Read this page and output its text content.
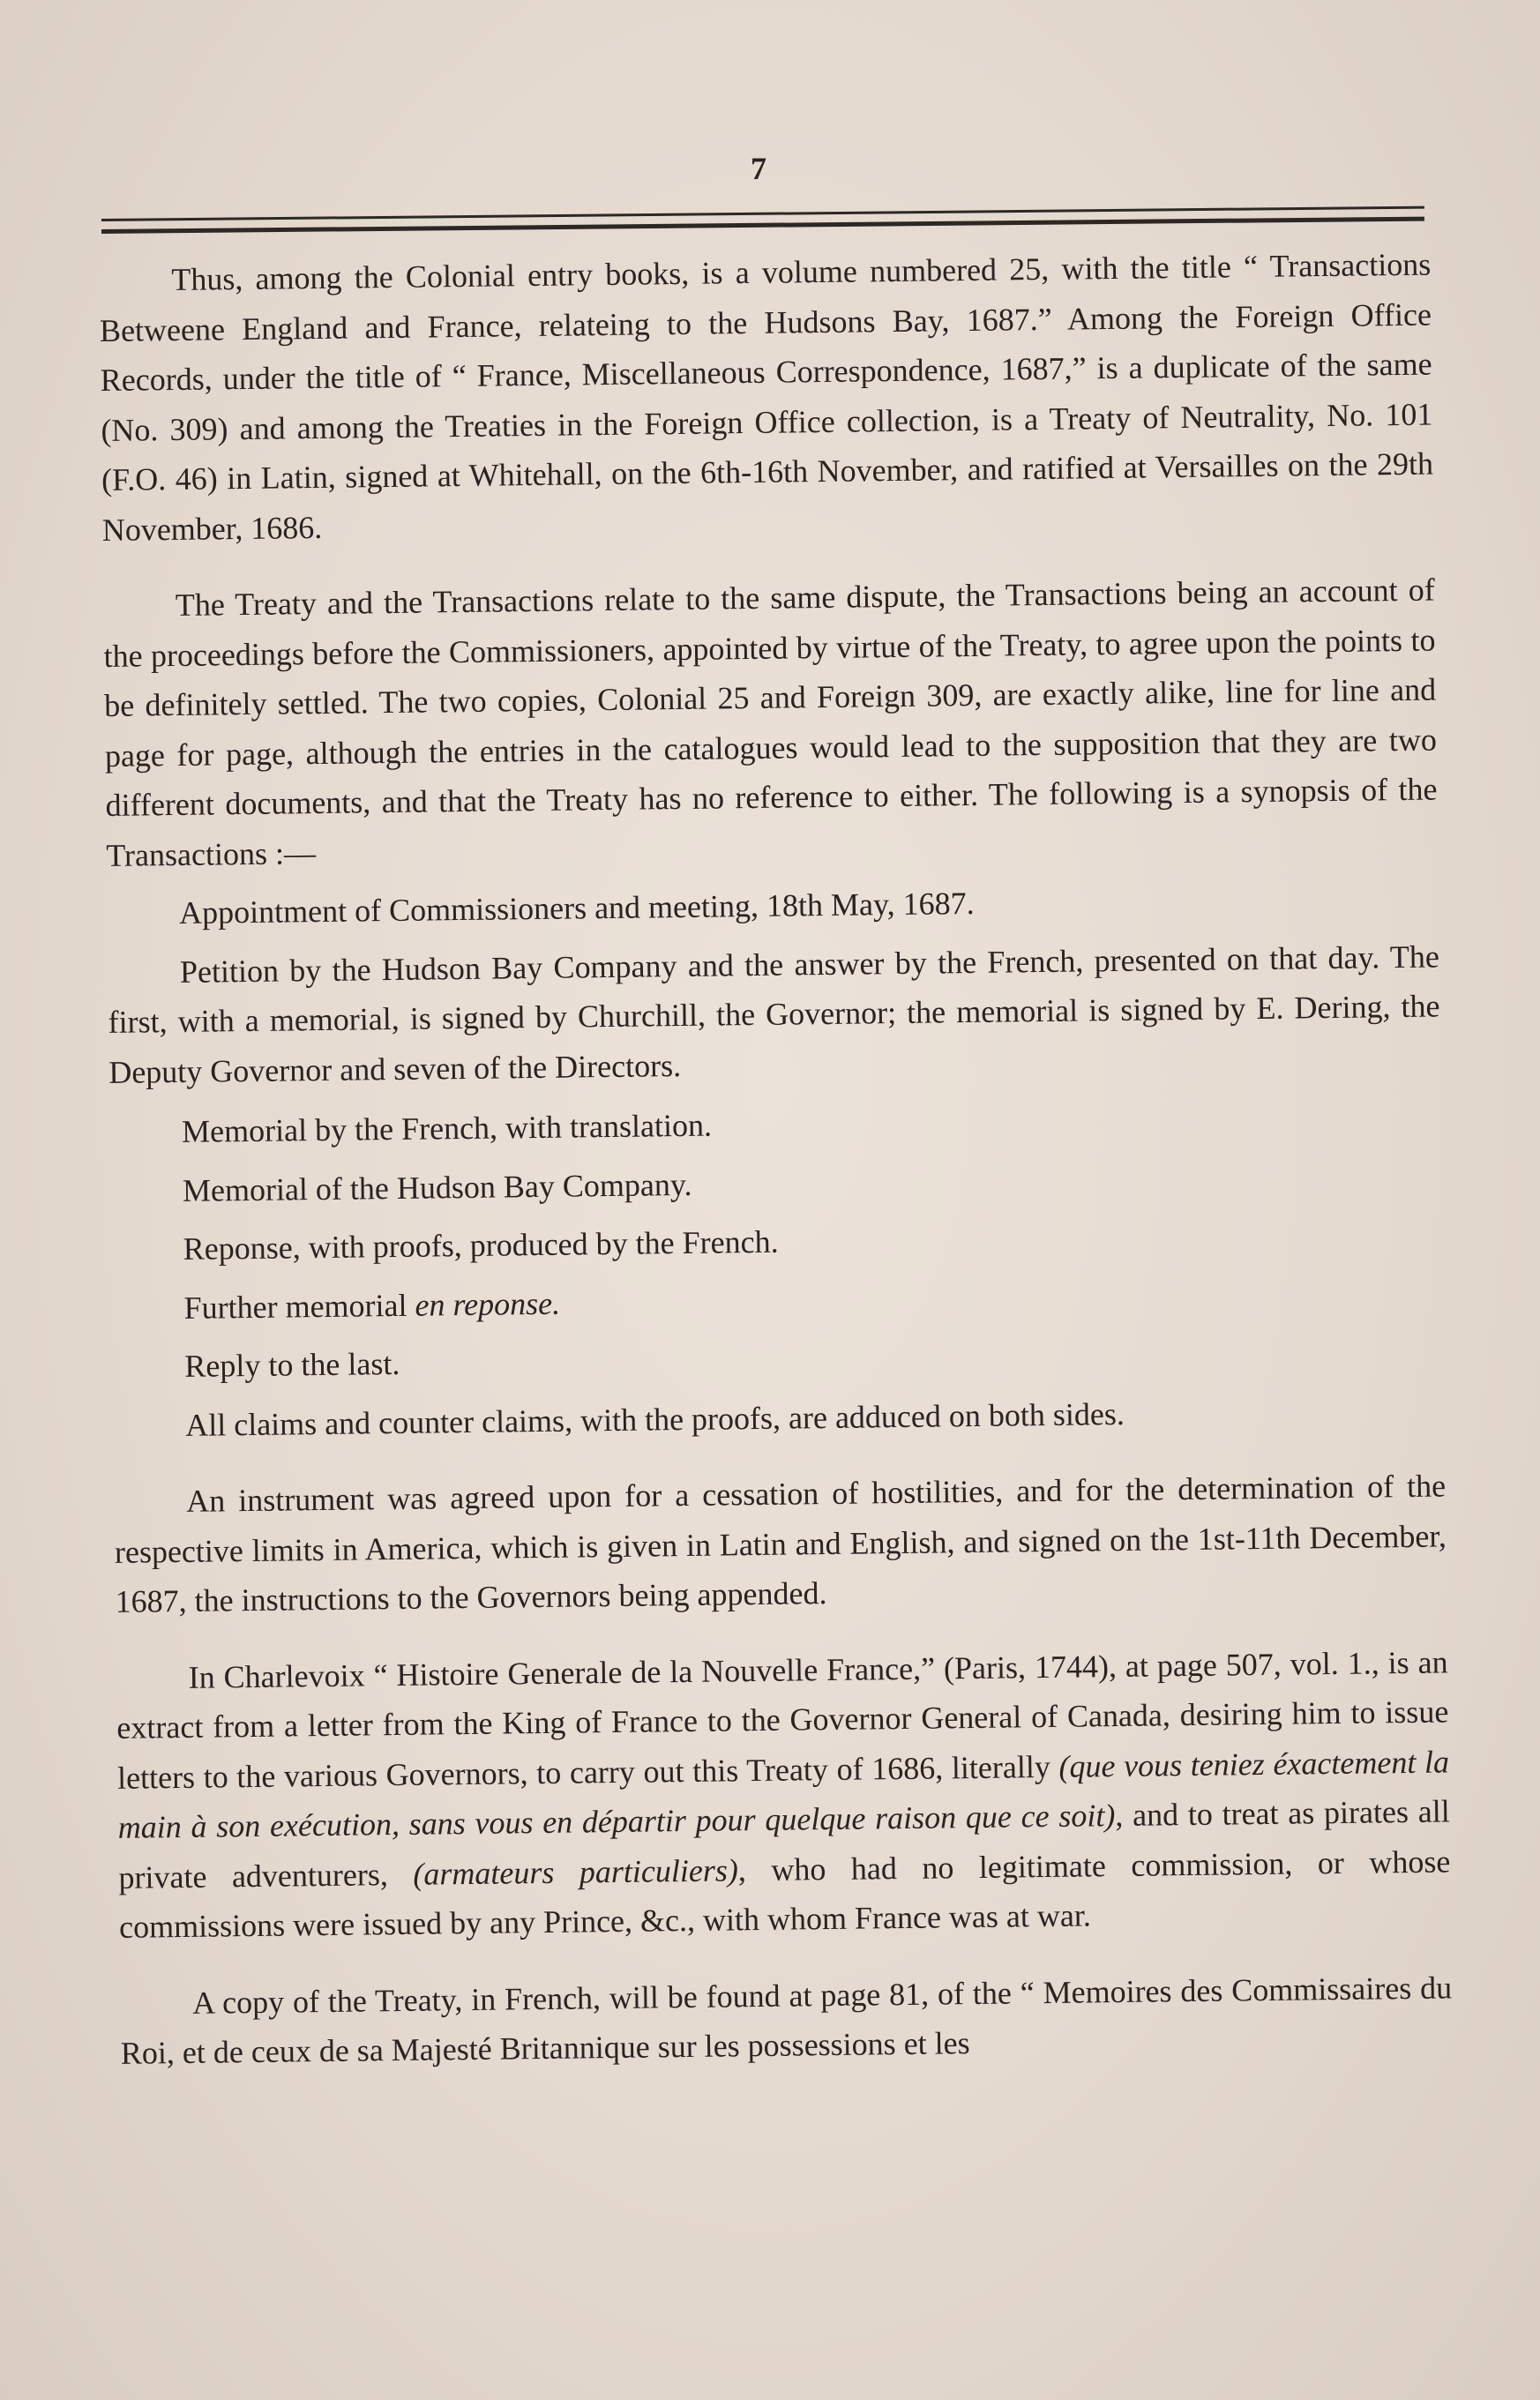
7

Thus, among the Colonial entry books, is a volume numbered 25, with the title “ Transactions Betweene England and France, relateing to the Hudsons Bay, 1687.” Among the Foreign Office Records, under the title of “ France, Miscellaneous Correspondence, 1687,” is a duplicate of the same (No. 309) and among the Treaties in the Foreign Office collection, is a Treaty of Neutrality, No. 101 (F.O. 46) in Latin, signed at Whitehall, on the 6th-16th November, and ratified at Versailles on the 29th November, 1686.

The Treaty and the Transactions relate to the same dispute, the Transactions being an account of the proceedings before the Commissioners, appointed by virtue of the Treaty, to agree upon the points to be definitely settled. The two copies, Colonial 25 and Foreign 309, are exactly alike, line for line and page for page, although the entries in the catalogues would lead to the supposition that they are two different documents, and that the Treaty has no reference to either. The following is a synopsis of the Transactions :—

Appointment of Commissioners and meeting, 18th May, 1687.

Petition by the Hudson Bay Company and the answer by the French, presented on that day. The first, with a memorial, is signed by Churchill, the Governor; the memorial is signed by E. Dering, the Deputy Governor and seven of the Directors.

Memorial by the French, with translation.

Memorial of the Hudson Bay Company.

Reponse, with proofs, produced by the French.

Further memorial en reponse.

Reply to the last.

All claims and counter claims, with the proofs, are adduced on both sides.

An instrument was agreed upon for a cessation of hostilities, and for the determination of the respective limits in America, which is given in Latin and English, and signed on the 1st-11th December, 1687, the instructions to the Governors being appended.

In Charlevoix “ Histoire Generale de la Nouvelle France,” (Paris, 1744), at page 507, vol. 1., is an extract from a letter from the King of France to the Governor General of Canada, desiring him to issue letters to the various Governors, to carry out this Treaty of 1686, literally (que vous teniez éxactement la main à son exécution, sans vous en départir pour quelque raison que ce soit), and to treat as pirates all private adventurers, (armateurs particuliers), who had no legitimate commission, or whose commissions were issued by any Prince, &c., with whom France was at war.

A copy of the Treaty, in French, will be found at page 81, of the “ Memoires des Commissaires du Roi, et de ceux de sa Majesté Britannique sur les possessions et les
